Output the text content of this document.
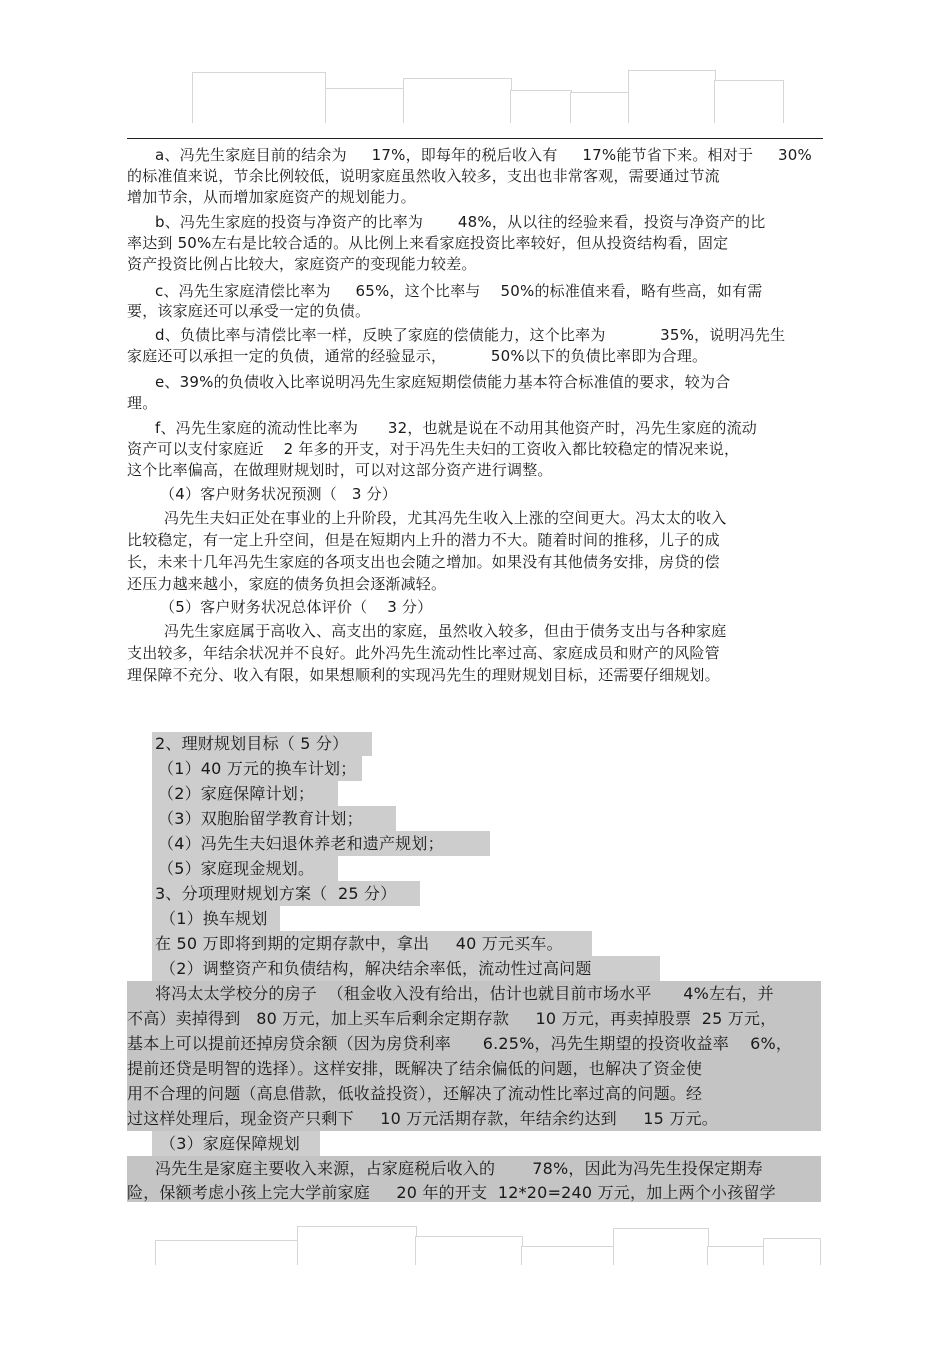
a、冯先生家庭目前的结余为     17%，即每年的税后收入有     17%能节省下来。相对于     30%
的标准值来说，节余比例较低，说明家庭虽然收入较多，支出也非常客观，需要通过节流
增加节余，从而增加家庭资产的规划能力。
b、冯先生家庭的投资与净资产的比率为       48%，从以往的经验来看，投资与净资产的比
率达到 50%左右是比较合适的。从比例上来看家庭投资比率较好，但从投资结构看，固定
资产投资比例占比较大，家庭资产的变现能力较差。
c、冯先生家庭清偿比率为     65%，这个比率与    50%的标准值来看，略有些高，如有需
要，该家庭还可以承受一定的负债。
d、负债比率与清偿比率一样，反映了家庭的偿债能力，这个比率为           35%，说明冯先生
家庭还可以承担一定的负债，通常的经验显示，         50%以下的负债比率即为合理。
e、39%的负债收入比率说明冯先生家庭短期偿债能力基本符合标准值的要求，较为合
理。
f、冯先生家庭的流动性比率为      32，也就是说在不动用其他资产时，冯先生家庭的流动
资产可以支付家庭近    2 年多的开支，对于冯先生夫妇的工资收入都比较稳定的情况来说，
这个比率偏高，在做理财规划时，可以对这部分资产进行调整。
（4）客户财务状况预测（   3 分）
冯先生夫妇正处在事业的上升阶段，尤其冯先生收入上涨的空间更大。冯太太的收入
比较稳定，有一定上升空间，但是在短期内上升的潜力不大。随着时间的推移，儿子的成
长，未来十几年冯先生家庭的各项支出也会随之增加。如果没有其他债务安排，房贷的偿
还压力越来越小，家庭的债务负担会逐渐减轻。
（5）客户财务状况总体评价（    3 分）
冯先生家庭属于高收入、高支出的家庭，虽然收入较多，但由于债务支出与各种家庭
支出较多，年结余状况并不良好。此外冯先生流动性比率过高、家庭成员和财产的风险管
理保障不充分、收入有限，如果想顺利的实现冯先生的理财规划目标，还需要仔细规划。
2、理财规划目标（ 5 分）
（1）40 万元的换车计划；
（2）家庭保障计划；
（3）双胞胎留学教育计划；
（4）冯先生夫妇退休养老和遗产规划；
（5）家庭现金规划。
3、分项理财规划方案（  25 分）
（1）换车规划
在 50 万即将到期的定期存款中，拿出     40 万元买车。
（2）调整资产和负债结构，解决结余率低，流动性过高问题
将冯太太学校分的房子  （租金收入没有给出，估计也就目前市场水平      4%左右，并
不高）卖掉得到   80 万元，加上买车后剩余定期存款     10 万元，再卖掉股票  25 万元，
基本上可以提前还掉房贷余额（因为房贷利率      6.25%，冯先生期望的投资收益率    6%，
提前还贷是明智的选择）。这样安排，既解决了结余偏低的问题，也解决了资金使
用不合理的问题（高息借款，低收益投资），还解决了流动性比率过高的问题。经
过这样处理后，现金资产只剩下     10 万元活期存款，年结余约达到     15 万元。
（3）家庭保障规划
冯先生是家庭主要收入来源，占家庭税后收入的       78%，因此为冯先生投保定期寿
险，保额考虑小孩上完大学前家庭     20 年的开支  12*20=240 万元，加上两个小孩留学
